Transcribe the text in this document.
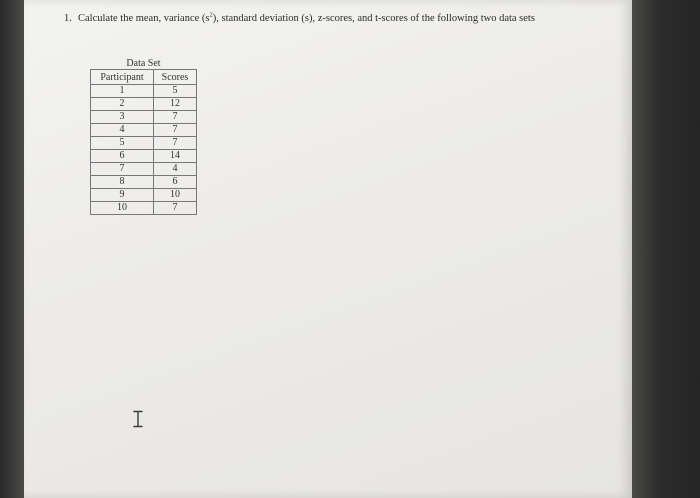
1. Calculate the mean, variance $(s^2)$, standard deviation (s), z-scores, and t-scores of the following two data sets
Data Set	
Participant	Scores
1	5
2	12
3	7
4	7
5	7
6	14
7	4
8	6
9	10
10	7
